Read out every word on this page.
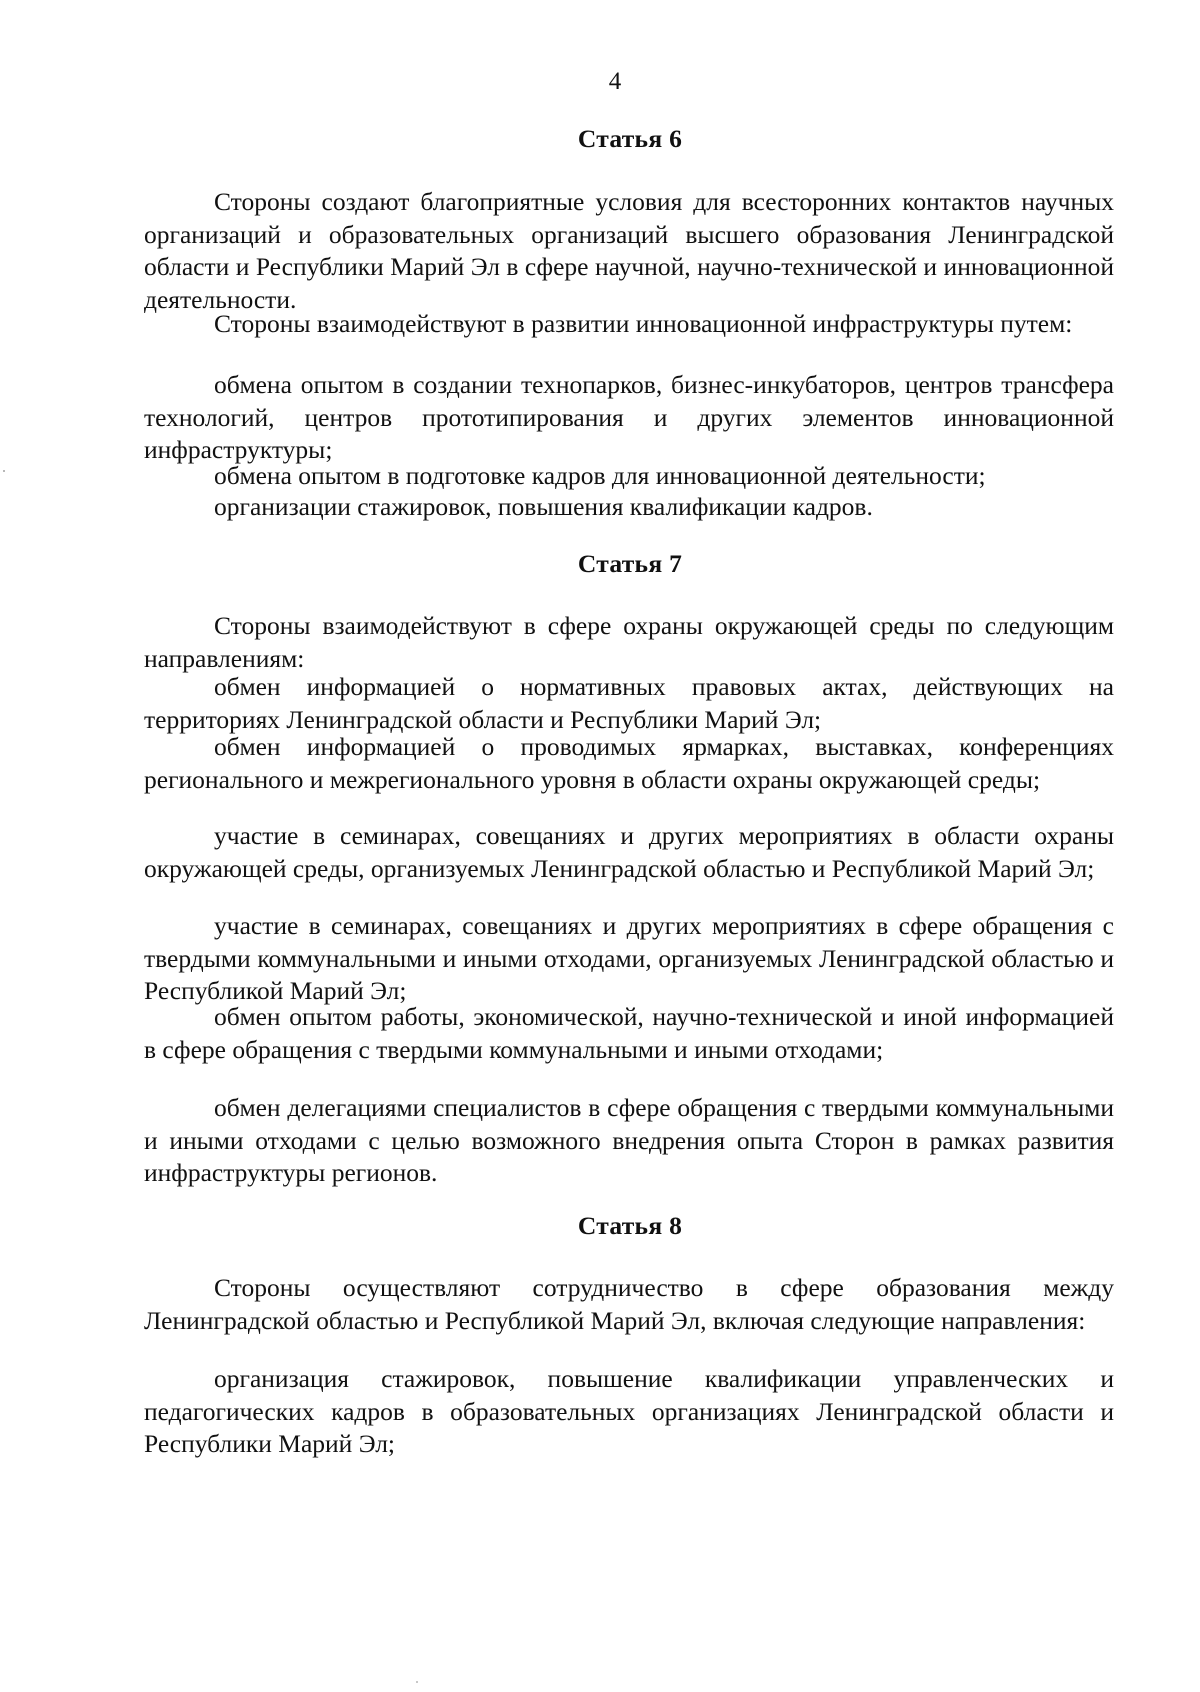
4
Статья 6
Стороны создают благоприятные условия для всесторонних контактов научных организаций и образовательных организаций высшего образования Ленинградской области и Республики Марий Эл в сфере научной, научно-технической и инновационной деятельности.
Стороны взаимодействуют в развитии инновационной инфраструктуры путем:
обмена опытом в создании технопарков, бизнес-инкубаторов, центров трансфера технологий, центров прототипирования и других элементов инновационной инфраструктуры;
обмена опытом в подготовке кадров для инновационной деятельности;
организации стажировок, повышения квалификации кадров.
Статья 7
Стороны взаимодействуют в сфере охраны окружающей среды по следующим направлениям:
обмен информацией о нормативных правовых актах, действующих на территориях Ленинградской области и Республики Марий Эл;
обмен информацией о проводимых ярмарках, выставках, конференциях регионального и межрегионального уровня в области охраны окружающей среды;
участие в семинарах, совещаниях и других мероприятиях в области охраны окружающей среды, организуемых Ленинградской областью и Республикой Марий Эл;
участие в семинарах, совещаниях и других мероприятиях в сфере обращения с твердыми коммунальными и иными отходами, организуемых Ленинградской областью и Республикой Марий Эл;
обмен опытом работы, экономической, научно-технической и иной информацией в сфере обращения с твердыми коммунальными и иными отходами;
обмен делегациями специалистов в сфере обращения с твердыми коммунальными и иными отходами с целью возможного внедрения опыта Сторон в рамках развития инфраструктуры регионов.
Статья 8
Стороны осуществляют сотрудничество в сфере образования между Ленинградской областью и Республикой Марий Эл, включая следующие направления:
организация стажировок, повышение квалификации управленческих и педагогических кадров в образовательных организациях Ленинградской области и Республики Марий Эл;
